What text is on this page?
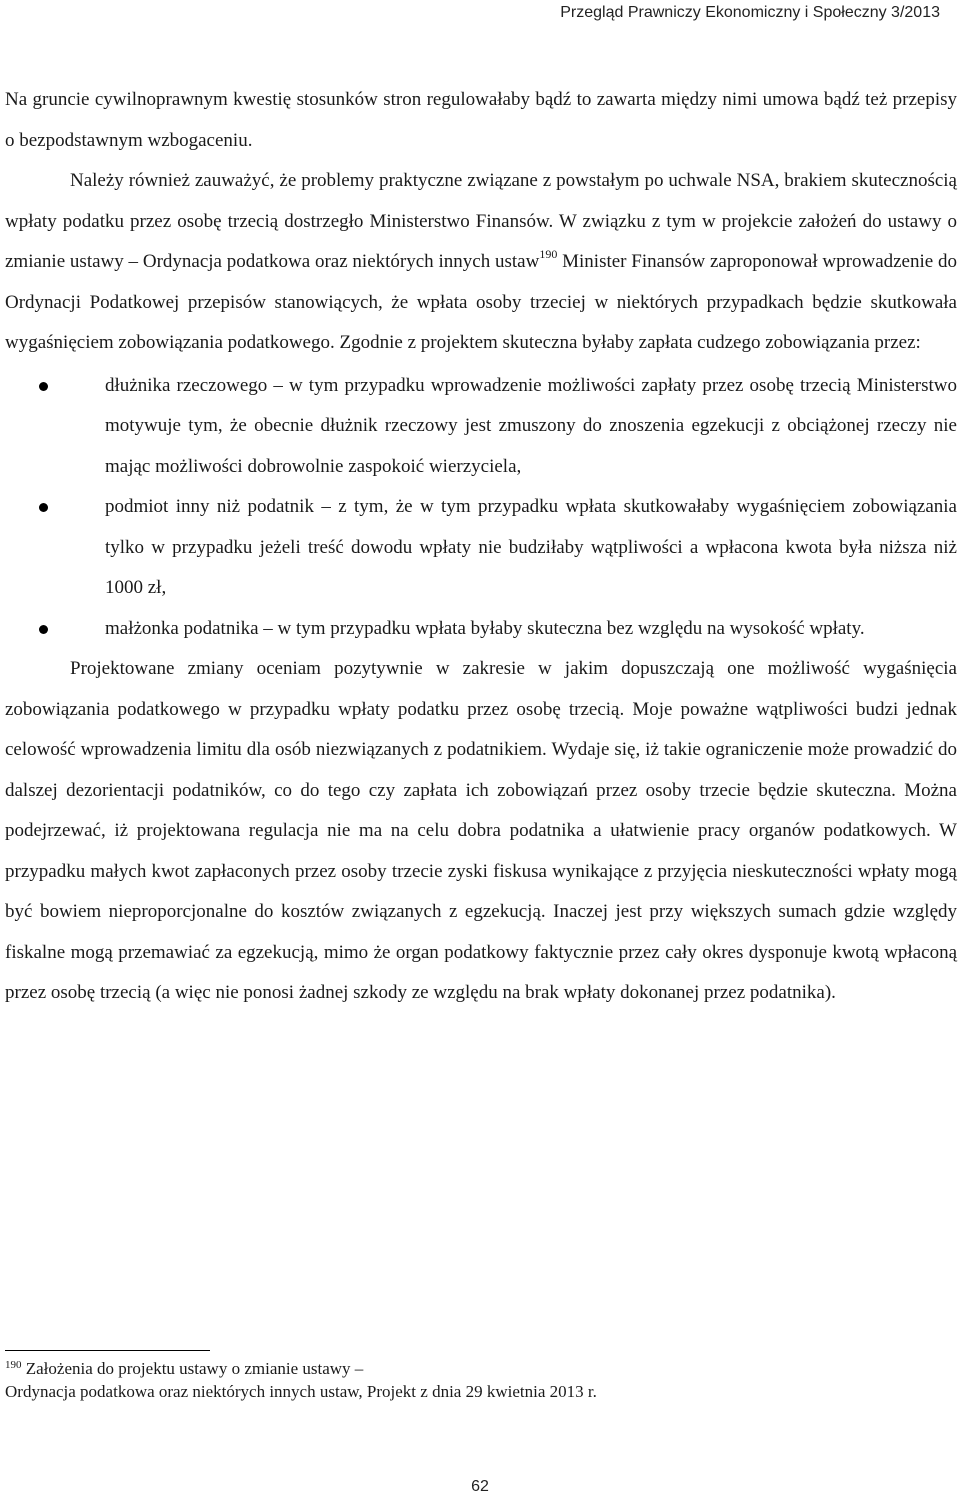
Przegląd Prawniczy Ekonomiczny i Społeczny 3/2013

Na gruncie cywilnoprawnym kwestię stosunków stron regulowałaby bądź to zawarta między nimi umowa bądź też przepisy o bezpodstawnym wzbogaceniu.

Należy również zauważyć, że problemy praktyczne związane z powstałym po uchwale NSA, brakiem skutecznością wpłaty podatku przez osobę trzecią dostrzegło Ministerstwo Finansów. W związku z tym w projekcie założeń do ustawy o zmianie ustawy – Ordynacja podatkowa oraz niektórych innych ustaw$^{190}$ Minister Finansów zaproponował wprowadzenie do Ordynacji Podatkowej przepisów stanowiących, że wpłata osoby trzeciej w niektórych przypadkach będzie skutkowała wygaśnięciem zobowiązania podatkowego. Zgodnie z projektem skuteczna byłaby zapłata cudzego zobowiązania przez:

dłużnika rzeczowego – w tym przypadku wprowadzenie możliwości zapłaty przez osobę trzecią Ministerstwo motywuje tym, że obecnie dłużnik rzeczowy jest zmuszony do znoszenia egzekucji z obciążonej rzeczy nie mając możliwości dobrowolnie zaspokoić wierzyciela,
podmiot inny niż podatnik – z tym, że w tym przypadku wpłata skutkowałaby wygaśnięciem zobowiązania tylko w przypadku jeżeli treść dowodu wpłaty nie budziłaby wątpliwości a wpłacona kwota była niższa niż 1000 zł,
małżonka podatnika – w tym przypadku wpłata byłaby skuteczna bez względu na wysokość wpłaty.

Projektowane zmiany oceniam pozytywnie w zakresie w jakim dopuszczają one możliwość wygaśnięcia zobowiązania podatkowego w przypadku wpłaty podatku przez osobę trzecią. Moje poważne wątpliwości budzi jednak celowość wprowadzenia limitu dla osób niezwiązanych z podatnikiem. Wydaje się, iż takie ograniczenie może prowadzić do dalszej dezorientacji podatników, co do tego czy zapłata ich zobowiązań przez osoby trzecie będzie skuteczna. Można podejrzewać, iż projektowana regulacja nie ma na celu dobra podatnika a ułatwienie pracy organów podatkowych. W przypadku małych kwot zapłaconych przez osoby trzecie zyski fiskusa wynikające z przyjęcia nieskuteczności wpłaty mogą być bowiem nieproporcjonalne do kosztów związanych z egzekucją. Inaczej jest przy większych sumach gdzie względy fiskalne mogą przemawiać za egzekucją, mimo że organ podatkowy faktycznie przez cały okres dysponuje kwotą wpłaconą przez osobę trzecią (a więc nie ponosi żadnej szkody ze względu na brak wpłaty dokonanej przez podatnika).

$^{190}$ Założenia do projektu ustawy o zmianie ustawy –
Ordynacja podatkowa oraz niektórych innych ustaw, Projekt z dnia 29 kwietnia 2013 r.
62
